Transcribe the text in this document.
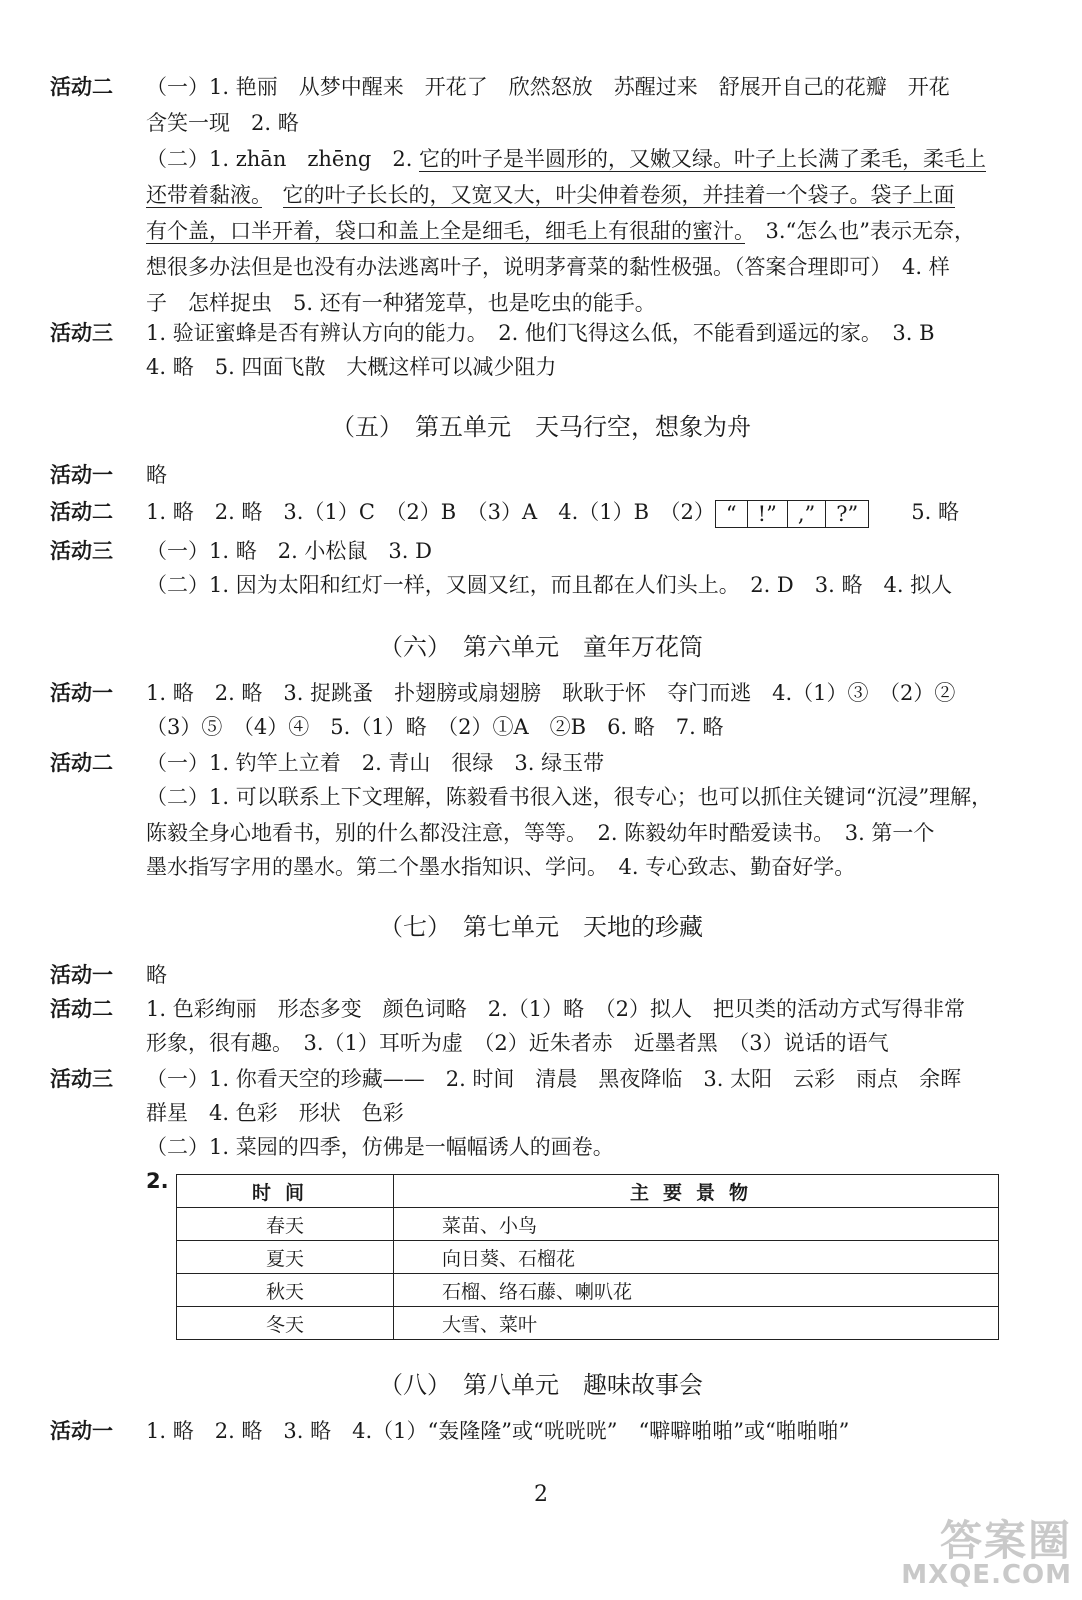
活动二 （一）1. 艳丽　从梦中醒来　开花了　欣然怒放　苏醒过来　舒展开自己的花瓣　开花
含笑一现　2. 略
（二）1. zhān　zhēng　2. 它的叶子是半圆形的，又嫩又绿。叶子上长满了柔毛，柔毛上
还带着黏液。　 它的叶子长长的，又宽又大，叶尖伸着卷须，并挂着一个袋子。袋子上面
有个盖，口半开着，袋口和盖上全是细毛，细毛上有很甜的蜜汁。　3.“怎么也”表示无奈，
想很多办法但是也没有办法逃离叶子，说明茅膏菜的黏性极强。（答案合理即可）　4. 样
子　怎样捉虫　5. 还有一种猪笼草，也是吃虫的能手。
活动三 1. 验证蜜蜂是否有辨认方向的能力。　2. 他们飞得这么低，不能看到遥远的家。　3. B
4. 略　5. 四面飞散　大概这样可以减少阻力
（五）　第五单元　天马行空，想象为舟
活动一 略
活动二 1. 略　2. 略　3.（1）C　（2）B　（3）A　4.（1）B　（2） “ !” ,” ?”　　	5. 略
活动三 （一）1. 略　2. 小松鼠　3. D
（二）1. 因为太阳和红灯一样，又圆又红，而且都在人们头上。　2. D　3. 略　4. 拟人
（六）　第六单元　童年万花筒
活动一 1. 略　2. 略　3. 捉跳蚤　扑翅膀或扇翅膀　耿耿于怀　夺门而逃　4.（1）③　（2）②
（3）⑤　（4）④　5.（1）略　（2）①A　②B　6. 略　7. 略
活动二 （一）1. 钓竿上立着　2. 青山　很绿　3. 绿玉带
（二）1. 可以联系上下文理解，陈毅看书很入迷，很专心；也可以抓住关键词“沉浸”理解，
陈毅全身心地看书，别的什么都没注意，等等。　2. 陈毅幼年时酷爱读书。　3. 第一个
墨水指写字用的墨水。第二个墨水指知识、学问。　4. 专心致志、勤奋好学。
（七）　第七单元　天地的珍藏
活动一 略
活动二 1. 色彩绚丽　形态多变　颜色词略　2.（1）略　（2）拟人　把贝类的活动方式写得非常
形象，很有趣。　3.（1）耳听为虚　（2）近朱者赤　近墨者黑　（3）说话的语气
活动三 （一）1. 你看天空的珍藏——　2. 时间　清晨　黑夜降临　3. 太阳　云彩　雨点　余晖
群星　4. 色彩　形状　色彩
（二）1. 菜园的四季，仿佛是一幅幅诱人的画卷。
2.	时间	主要景物
春天	菜苗、小鸟
夏天	向日葵、石榴花
秋天	石榴、络石藤、喇叭花
冬天	大雪、菜叶
（八）　第八单元　趣味故事会
活动一 1. 略　2. 略　3. 略　4.（1）“轰隆隆”或“咣咣咣”　“噼噼啪啪”或“啪啪啪”
2
答案圈
MXQE.COM
